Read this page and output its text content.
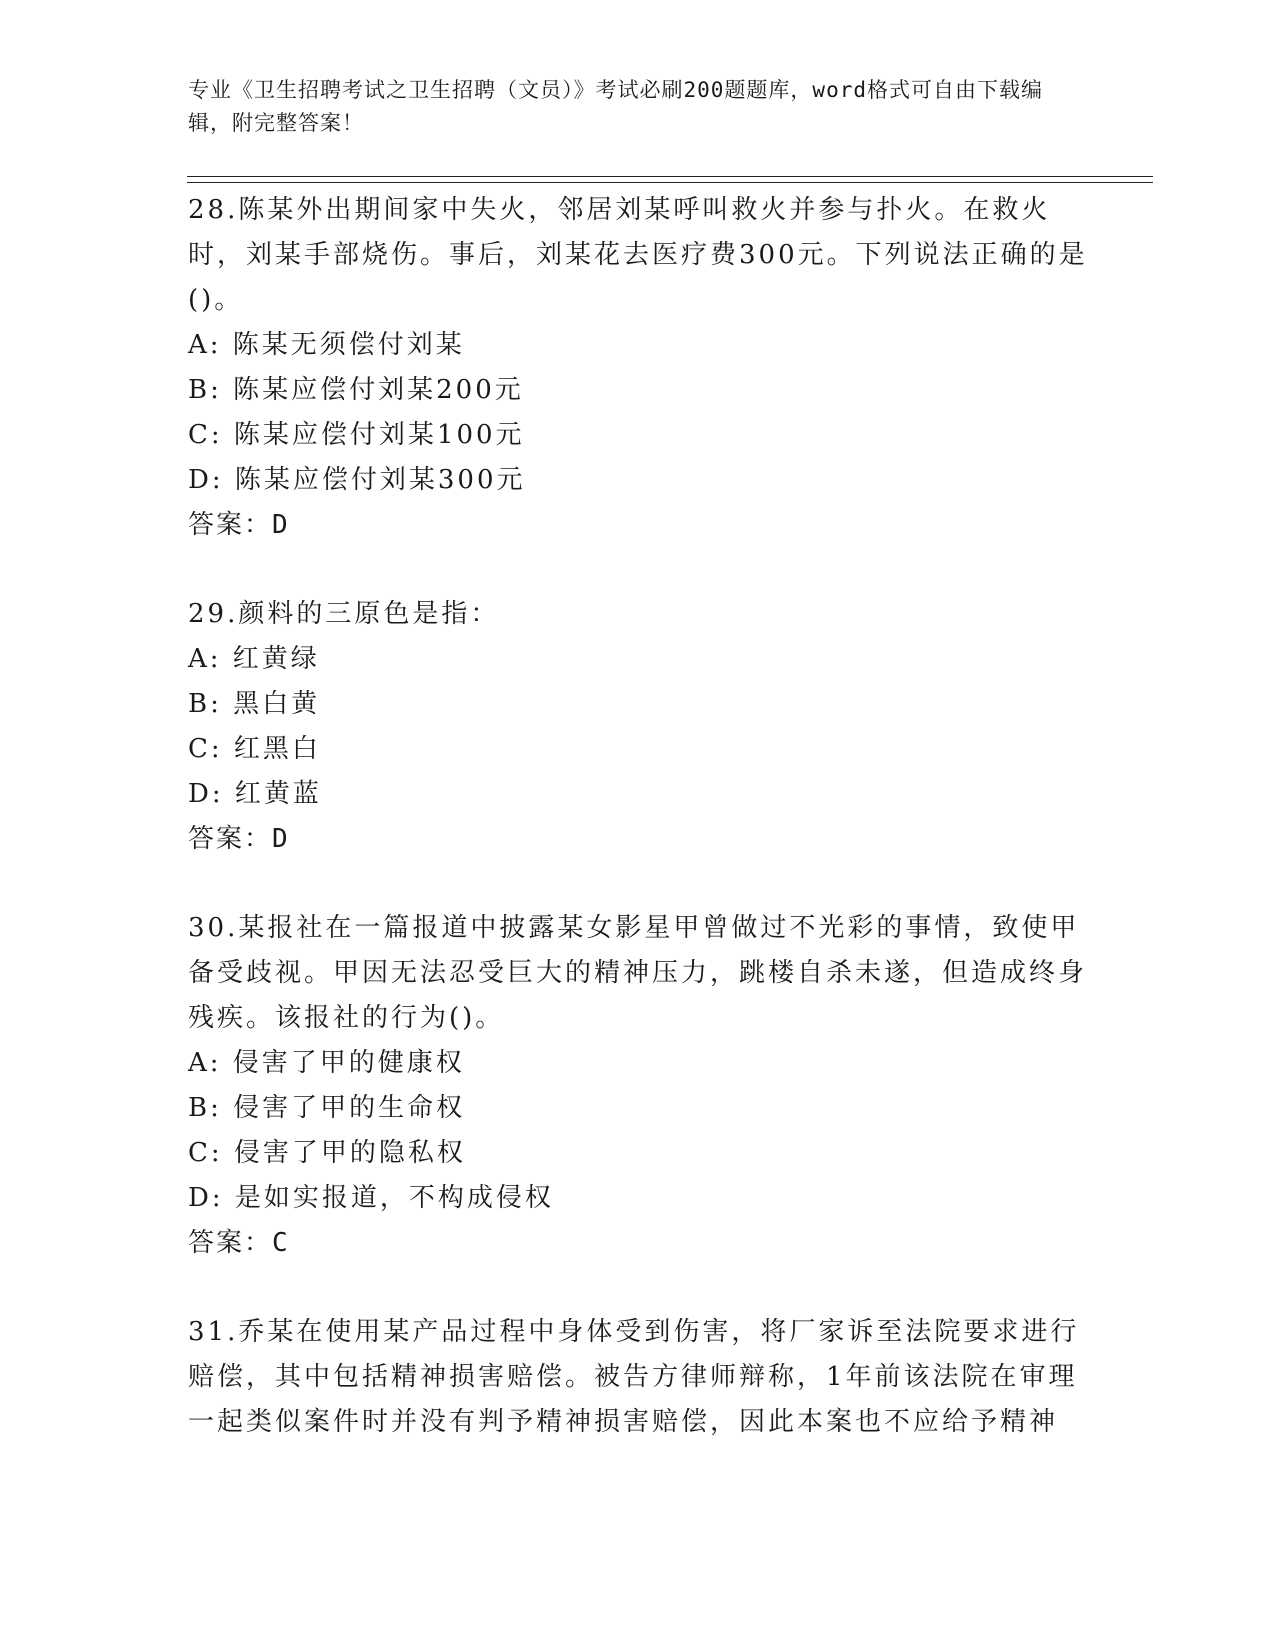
专业《卫生招聘考试之卫生招聘（文员）》考试必刷200题题库，word格式可自由下载编辑，附完整答案！

28.陈某外出期间家中失火，邻居刘某呼叫救火并参与扑火。在救火时，刘某手部烧伤。事后，刘某花去医疗费300元。下列说法正确的是()。

A: 陈某无须偿付刘某
B: 陈某应偿付刘某200元
C: 陈某应偿付刘某100元
D: 陈某应偿付刘某300元
答案：D

29.颜料的三原色是指：

A: 红黄绿
B: 黑白黄
C: 红黑白
D: 红黄蓝
答案：D

30.某报社在一篇报道中披露某女影星甲曾做过不光彩的事情，致使甲备受歧视。甲因无法忍受巨大的精神压力，跳楼自杀未遂，但造成终身残疾。该报社的行为()。

A: 侵害了甲的健康权
B: 侵害了甲的生命权
C: 侵害了甲的隐私权
D: 是如实报道，不构成侵权
答案：C

31.乔某在使用某产品过程中身体受到伤害，将厂家诉至法院要求进行赔偿，其中包括精神损害赔偿。被告方律师辩称，1年前该法院在审理一起类似案件时并没有判予精神损害赔偿，因此本案也不应给予精神
